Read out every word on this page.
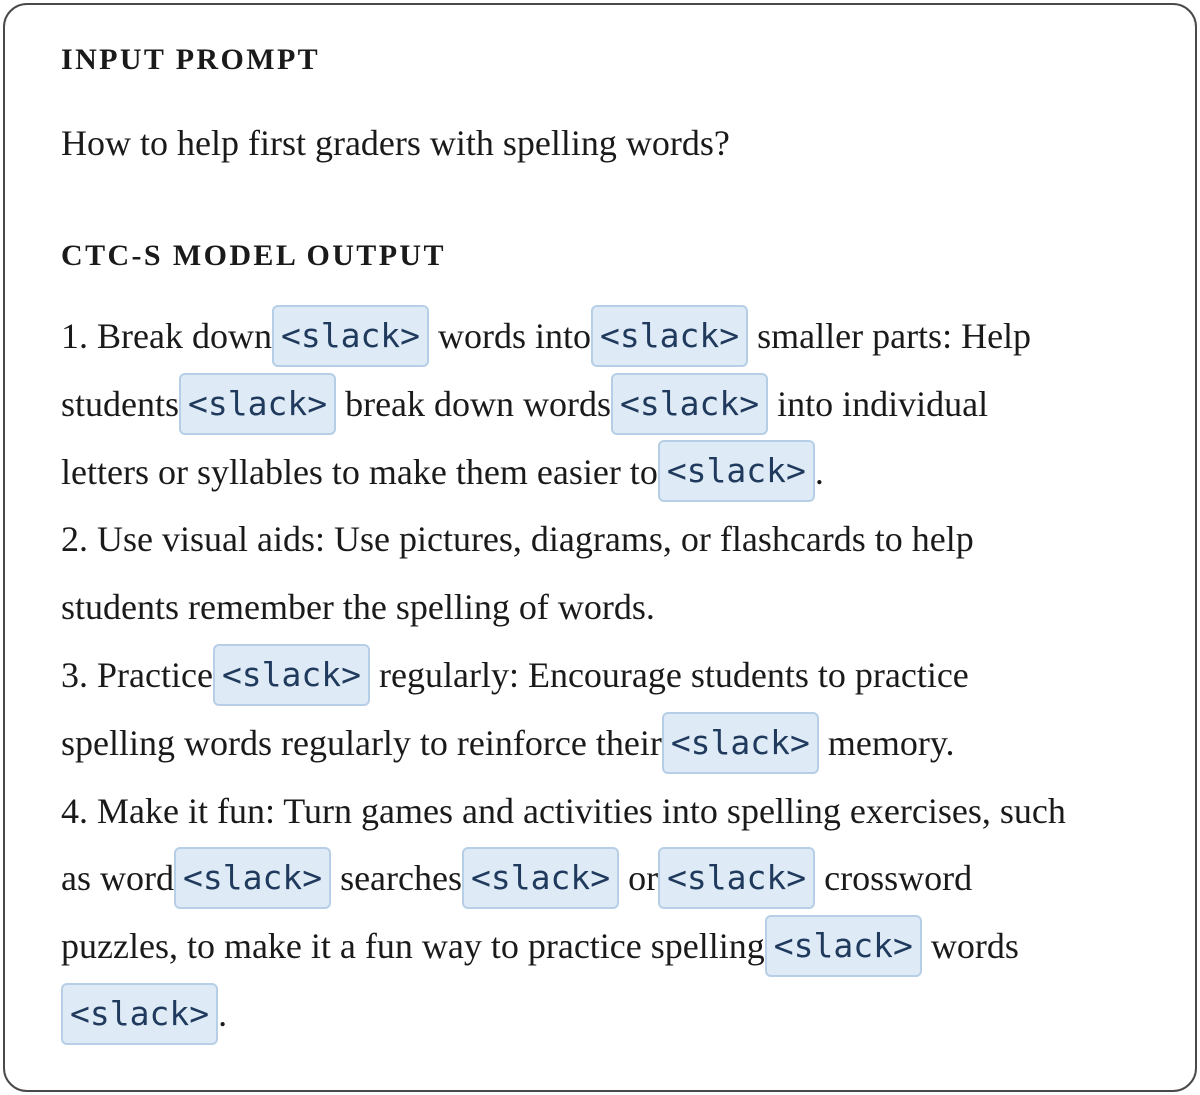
INPUT PROMPT

How to help first graders with spelling words?

CTC-S MODEL OUTPUT
1. Break down <slack> words into <slack> smaller parts: Help
students <slack> break down words <slack> into individual
letters or syllables to make them easier to <slack> .
2. Use visual aids: Use pictures, diagrams, or flashcards to help
students remember the spelling of words.
3. Practice <slack> regularly: Encourage students to practice
spelling words regularly to reinforce their <slack> memory.
4. Make it fun: Turn games and activities into spelling exercises, such
as word <slack> searches <slack> or <slack> crossword
puzzles, to make it a fun way to practice spelling <slack> words
<slack> .
